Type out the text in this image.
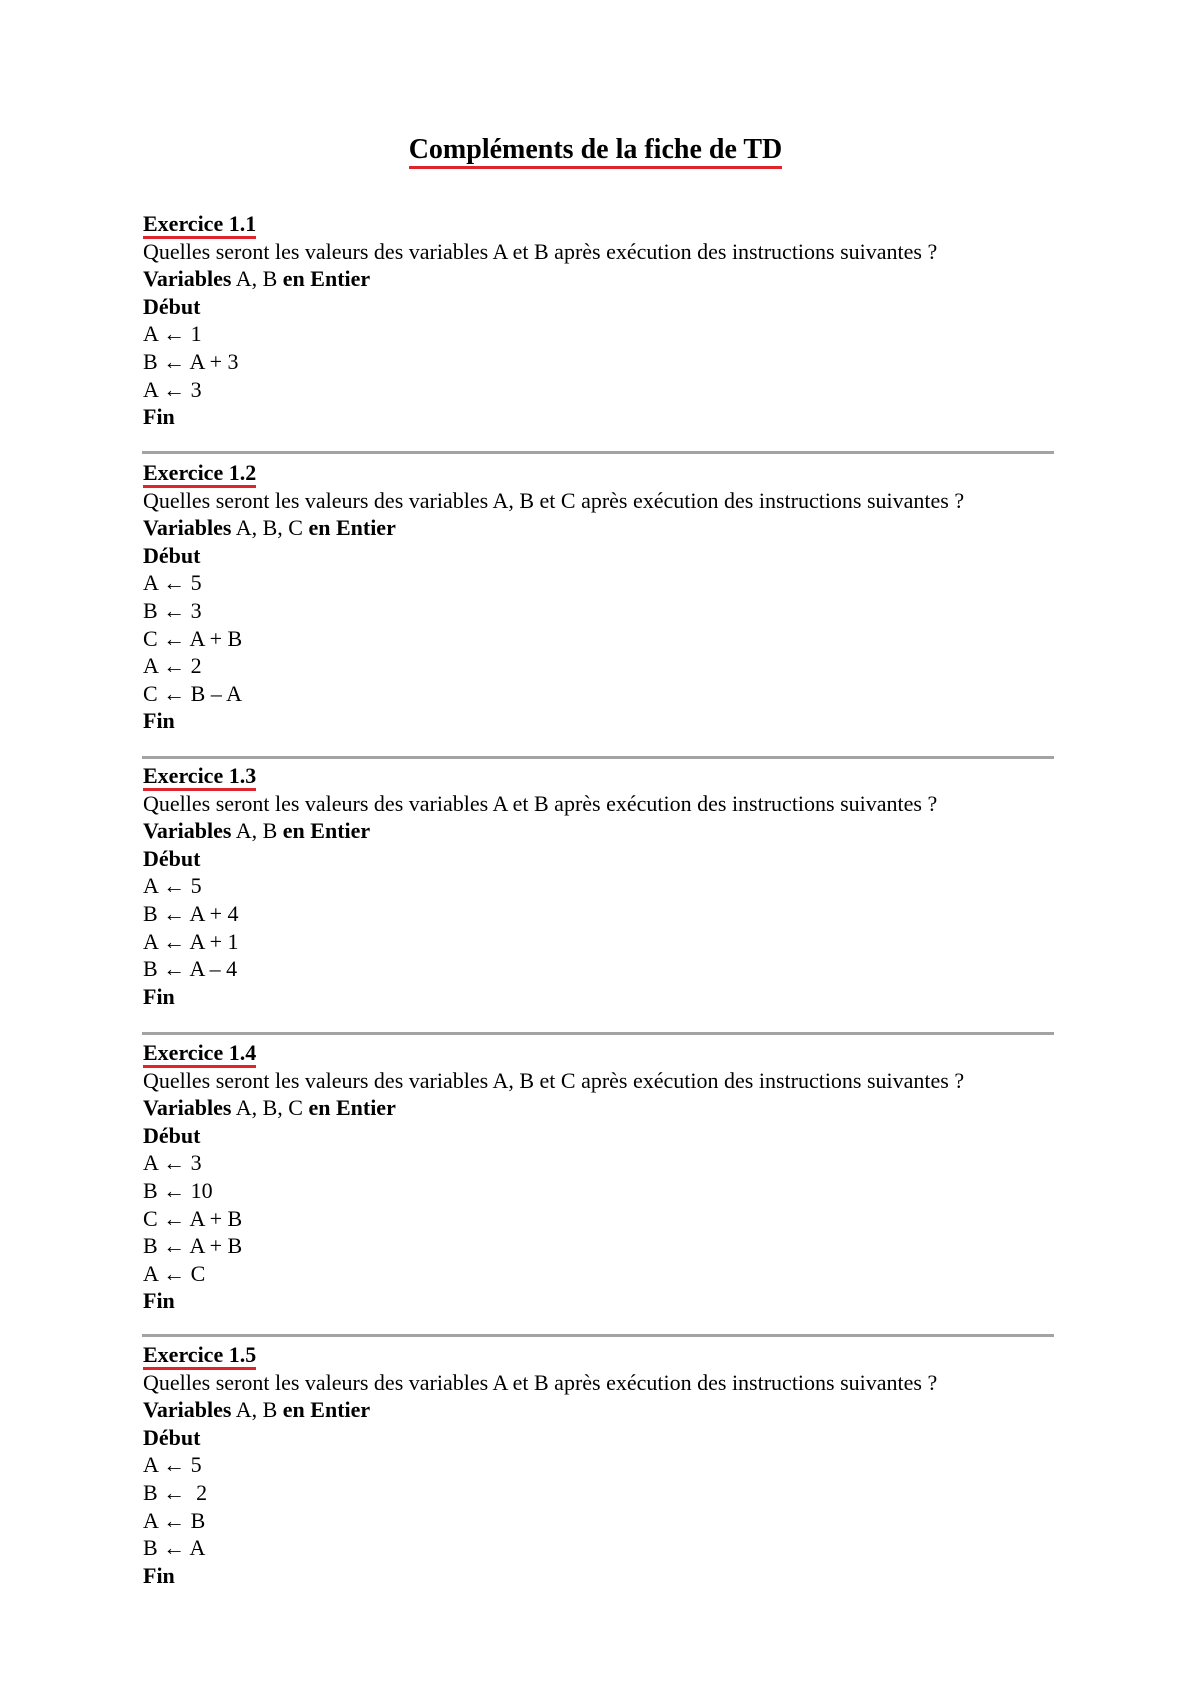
Compléments de la fiche de TD
Exercice 1.1
Quelles seront les valeurs des variables A et B après exécution des instructions suivantes ?
Variables A, B en Entier
Début
A ← 1
B ← A + 3
A ← 3
Fin
Exercice 1.2
Quelles seront les valeurs des variables A, B et C après exécution des instructions suivantes ?
Variables A, B, C en Entier
Début
A ← 5
B ← 3
C ← A + B
A ← 2
C ← B – A
Fin
Exercice 1.3
Quelles seront les valeurs des variables A et B après exécution des instructions suivantes ?
Variables A, B en Entier
Début
A ← 5
B ← A + 4
A ← A + 1
B ← A – 4
Fin
Exercice 1.4
Quelles seront les valeurs des variables A, B et C après exécution des instructions suivantes ?
Variables A, B, C en Entier
Début
A ← 3
B ← 10
C ← A + B
B ← A + B
A ← C
Fin
Exercice 1.5
Quelles seront les valeurs des variables A et B après exécution des instructions suivantes ?
Variables A, B en Entier
Début
A ← 5
B ←  2
A ← B
B ← A
Fin
